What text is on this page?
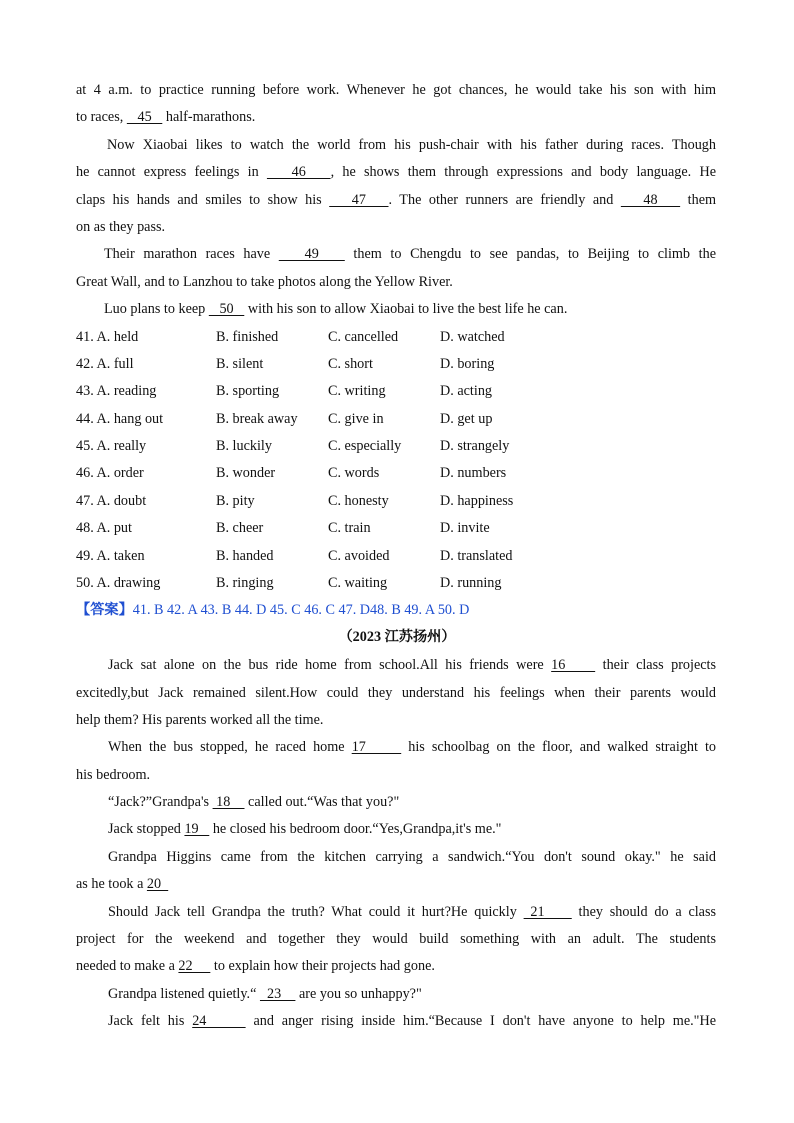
at 4 a.m. to practice running before work. Whenever he got chances, he would take his son with him
to races,    45    half-marathons.
Now Xiaobai likes to watch the world from his push-chair with his father during races. Though
he cannot express feelings in    46   , he shows them through expressions and body language. He
claps his hands and smiles to show his    47   . The other runners are friendly and    48    them
on as they pass.
Their marathon races have    49    them to Chengdu to see pandas, to Beijing to climb the
Great Wall, and to Lanzhou to take photos along the Yellow River.
Luo plans to keep    50    with his son to allow Xiaobai to live the best life he can.
41. A. held	B. finished	C. cancelled	D. watched
42. A. full	B. silent	C. short	D. boring
43. A. reading	B. sporting	C. writing	D. acting
44. A. hang out	B. break away C. give in	D. get up
45. A. really	B. luckily	C. especially	D. strangely
46. A. order	B. wonder	C. words	D. numbers
47. A. doubt	B. pity	C. honesty	D. happiness
48. A. put	B. cheer	C. train	D. invite
49. A. taken	B. handed	C. avoided	D. translated
50. A. drawing	B. ringing	C. waiting	D. running
【答案】41. B 42. A 43. B 44. D 45. C 46. C 47. D48. B 49. A 50. D
（2023 江苏扬州）
Jack sat alone on the bus ride home from school.All his friends were 16     their class projects
excitedly,but Jack remained silent.How could they understand his feelings when their parents would
help them? His parents worked all the time.
When the bus stopped, he raced home 17      his schoolbag on the floor, and walked straight to
his bedroom.
“Jack?”Grandpa's  18     called out.“Was that you?"
Jack stopped 19    he closed his bedroom door.“Yes,Grandpa,it's me."
Grandpa Higgins came from the kitchen carrying a sandwich.“You don't sound okay." he said
as he took a 20
Should Jack tell Grandpa the truth? What could it hurt?He quickly  21     they should do a class
project for the weekend and together they would build something with an adult. The students
needed to make a 22      to explain how their projects had gone.
Grandpa listened quietly.“   23     are you so unhappy?"
Jack felt his 24      and anger rising inside him.“Because I don't have anyone to help me."He
